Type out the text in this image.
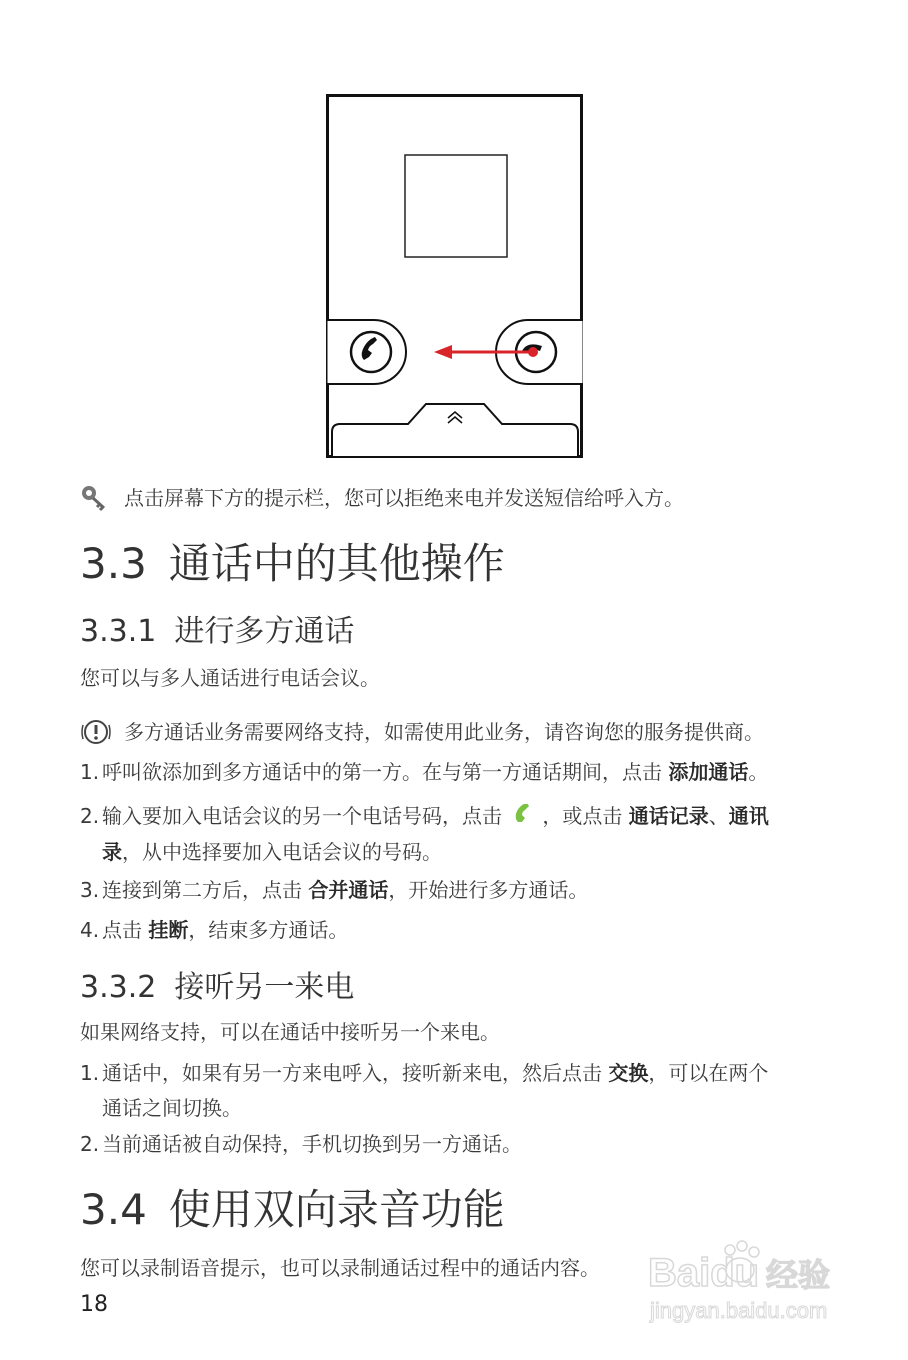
点击屏幕下方的提示栏，您可以拒绝来电并发送短信给呼入方。
3.3 通话中的其他操作
3.3.1 进行多方通话
您可以与多人通话进行电话会议。
多方通话业务需要网络支持，如需使用此业务，请咨询您的服务提供商。
1. 呼叫欲添加到多方通话中的第一方。在与第一方通话期间，点击 添加通话。
2. 输入要加入电话会议的另一个电话号码，点击 ，或点击 通话记录、通讯
录，从中选择要加入电话会议的号码。
3. 连接到第二方后，点击 合并通话，开始进行多方通话。
4. 点击 挂断，结束多方通话。
3.3.2 接听另一来电
如果网络支持，可以在通话中接听另一个来电。
1. 通话中，如果有另一方来电呼入，接听新来电，然后点击 交换，可以在两个
通话之间切换。
2. 当前通话被自动保持，手机切换到另一方通话。
3.4 使用双向录音功能
您可以录制语音提示，也可以录制通话过程中的通话内容。
18
Baidu 经验
jingyan.baidu.com
